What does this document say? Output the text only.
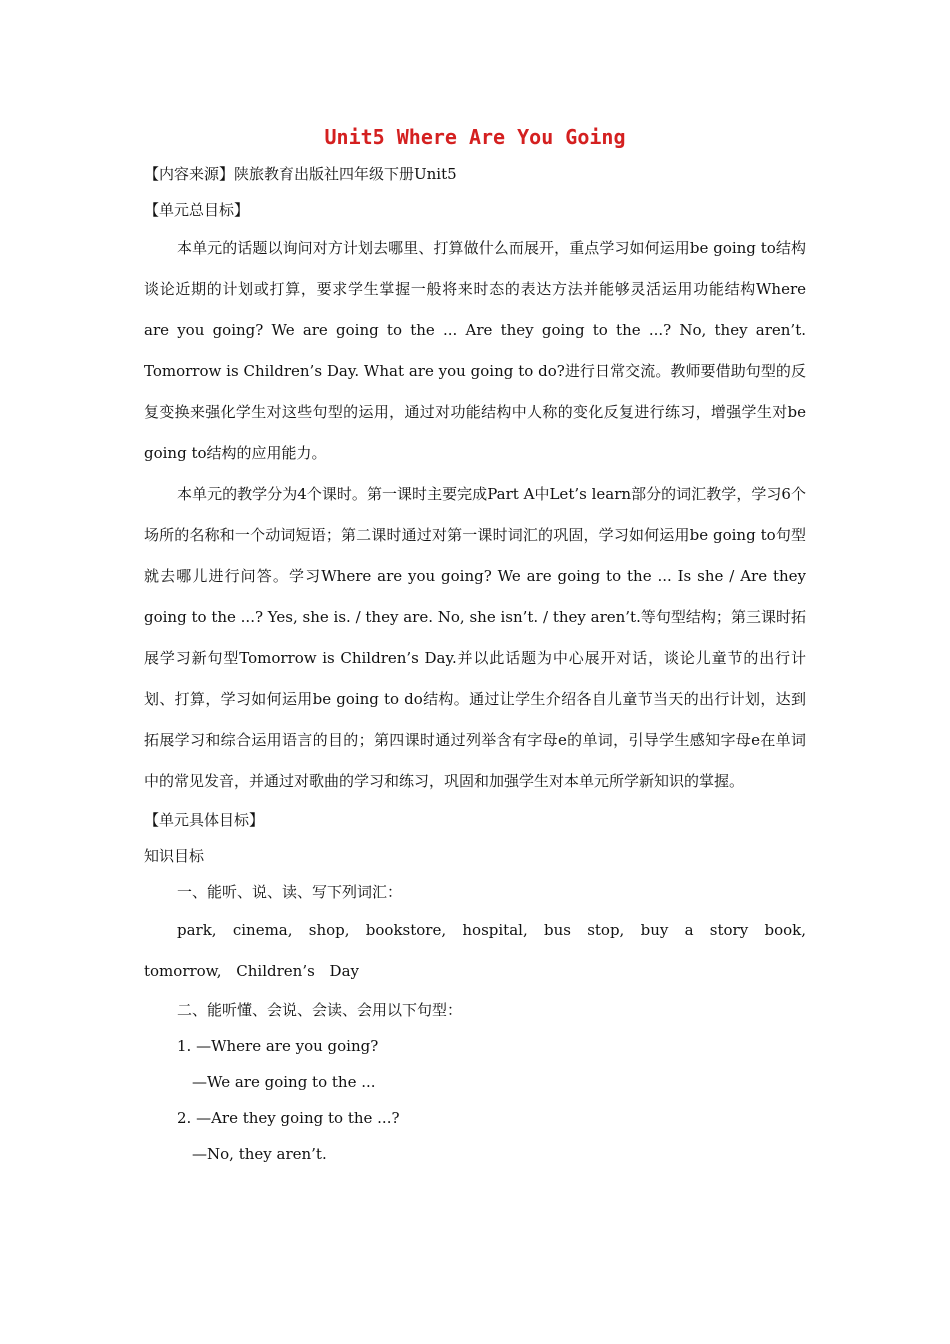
Unit5 Where Are You Going
【内容来源】陕旅教育出版社四年级下册Unit5
【单元总目标】
本单元的话题以询问对方计划去哪里、打算做什么而展开，重点学习如何运用be going to结构谈论近期的计划或打算，要求学生掌握一般将来时态的表达方法并能够灵活运用功能结构Where are you going? We are going to the ... Are they going to the ...? No, they aren’t. Tomorrow is Children’s Day. What are you going to do?进行日常交流。教师要借助句型的反复变换来强化学生对这些句型的运用，通过对功能结构中人称的变化反复进行练习，增强学生对be going to结构的应用能力。
本单元的教学分为4个课时。第一课时主要完成Part A中Let’s learn部分的词汇教学，学习6个场所的名称和一个动词短语；第二课时通过对第一课时词汇的巩固，学习如何运用be going to句型就去哪儿进行问答。学习Where are you going? We are going to the ... Is she / Are they going to the ...? Yes, she is. / they are. No, she isn’t. / they aren’t.等句型结构；第三课时拓展学习新句型Tomorrow is Children’s Day.并以此话题为中心展开对话，谈论儿童节的出行计划、打算，学习如何运用be going to do结构。通过让学生介绍各自儿童节当天的出行计划，达到拓展学习和综合运用语言的目的；第四课时通过列举含有字母e的单词，引导学生感知字母e在单词中的常见发音，并通过对歌曲的学习和练习，巩固和加强学生对本单元所学新知识的掌握。
【单元具体目标】
知识目标
一、能听、说、读、写下列词汇：
park, cinema, shop, bookstore, hospital, bus stop, buy a story book, tomorrow, Children’s Day
二、能听懂、会说、会读、会用以下句型：
1. —Where are you going?
—We are going to the ...
2. —Are they going to the ...?
—No, they aren’t.
